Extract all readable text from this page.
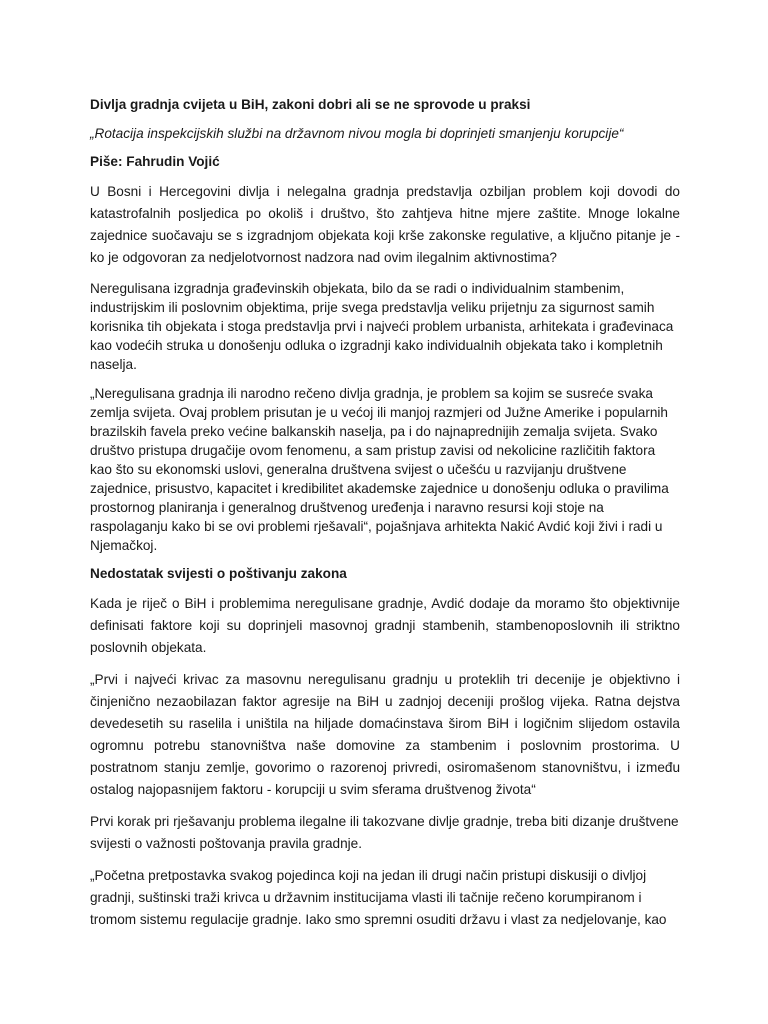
Divlja gradnja cvijeta u BiH, zakoni dobri ali se ne sprovode u praksi
„Rotacija inspekcijskih službi na državnom nivou mogla bi doprinjeti smanjenju korupcije“
Piše: Fahrudin Vojić

U Bosni i Hercegovini divlja i nelegalna gradnja predstavlja ozbiljan problem koji dovodi do katastrofalnih posljedica po okoliš i društvo, što zahtjeva hitne mjere zaštite. Mnoge lokalne zajednice suočavaju se s izgradnjom objekata koji krše zakonske regulative, a ključno pitanje je - ko je odgovoran za nedjelotvornost nadzora nad ovim ilegalnim aktivnostima?

Neregulisana izgradnja građevinskih objekata, bilo da se radi o individualnim stambenim, industrijskim ili poslovnim objektima, prije svega predstavlja veliku prijetnju za sigurnost samih korisnika tih objekata i stoga predstavlja prvi i najveći problem urbanista, arhitekata i građevinaca kao vodećih struka u donošenju odluka o izgradnji kako individualnih objekata tako i kompletnih naselja.

„Neregulisana gradnja ili narodno rečeno divlja gradnja, je problem sa kojim se susreće svaka zemlja svijeta. Ovaj problem prisutan je u većoj ili manjoj razmjeri od Južne Amerike i popularnih brazilskih favela preko većine balkanskih naselja, pa i do najnaprednijih zemalja svijeta. Svako društvo pristupa drugačije ovom fenomenu, a sam pristup zavisi od nekolicine različitih faktora kao što su ekonomski uslovi, generalna društvena svijest o učešću u razvijanju društvene zajednice, prisustvo, kapacitet i kredibilitet akademske zajednice u donošenju odluka o pravilima prostornog planiranja i generalnog društvenog uređenja i naravno resursi koji stoje na raspolaganju kako bi se ovi problemi rješavali“, pojašnjava arhitekta Nakić Avdić koji živi i radi u Njemačkoj.

Nedostatak svijesti o poštivanju zakona

Kada je riječ o BiH i problemima neregulisane gradnje, Avdić dodaje da moramo što objektivnije definisati faktore koji su doprinjeli masovnoj gradnji stambenih, stambenoposlovnih ili striktno poslovnih objekata.

„Prvi i najveći krivac za masovnu neregulisanu gradnju u proteklih tri decenije je objektivno i činjenično nezaobilazan faktor agresije na BiH u zadnjoj deceniji prošlog vijeka. Ratna dejstva devedesetih su raselila i uništila na hiljade domaćinstava širom BiH i logičnim slijedom ostavila ogromnu potrebu stanovništva naše domovine za stambenim i poslovnim prostorima. U postratnom stanju zemlje, govorimo o razorenoj privredi, osiromašenom stanovništvu, i između ostalog najopasnijem faktoru - korupciji u svim sferama društvenog života“

Prvi korak pri rješavanju problema ilegalne ili takozvane divlje gradnje, treba biti dizanje društvene svijesti o važnosti poštovanja pravila gradnje.

„Početna pretpostavka svakog pojedinca koji na jedan ili drugi način pristupi diskusiji o divljoj gradnji, suštinski traži krivca u državnim institucijama vlasti ili tačnije rečeno korumpiranom i tromom sistemu regulacije gradnje. Iako smo spremni osuditi državu i vlast za nedjelovanje, kao
